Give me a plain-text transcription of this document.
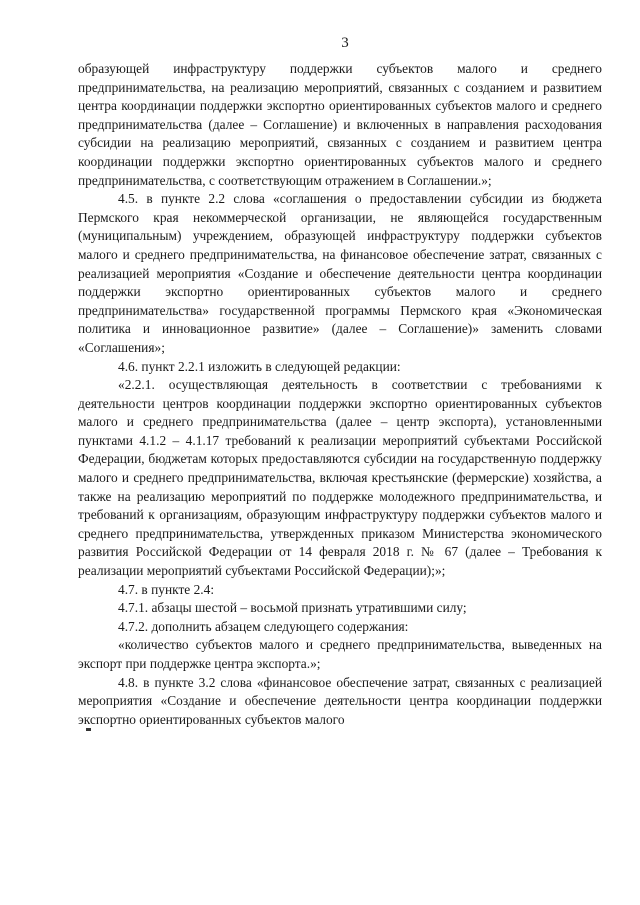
3

образующей инфраструктуру поддержки субъектов малого и среднего предпринимательства, на реализацию мероприятий, связанных с созданием и развитием центра координации поддержки экспортно ориентированных субъектов малого и среднего предпринимательства (далее – Соглашение) и включенных в направления расходования субсидии на реализацию мероприятий, связанных с созданием и развитием центра координации поддержки экспортно ориентированных субъектов малого и среднего предпринимательства, с соответствующим отражением в Соглашении.»;

4.5. в пункте 2.2 слова «соглашения о предоставлении субсидии из бюджета Пермского края некоммерческой организации, не являющейся государственным (муниципальным) учреждением, образующей инфраструктуру поддержки субъектов малого и среднего предпринимательства, на финансовое обеспечение затрат, связанных с реализацией мероприятия «Создание и обеспечение деятельности центра координации поддержки экспортно ориентированных субъектов малого и среднего предпринимательства» государственной программы Пермского края «Экономическая политика и инновационное развитие» (далее – Соглашение)» заменить словами «Соглашения»;

4.6. пункт 2.2.1 изложить в следующей редакции:

«2.2.1. осуществляющая деятельность в соответствии с требованиями к деятельности центров координации поддержки экспортно ориентированных субъектов малого и среднего предпринимательства (далее – центр экспорта), установленными пунктами 4.1.2 – 4.1.17 требований к реализации мероприятий субъектами Российской Федерации, бюджетам которых предоставляются субсидии на государственную поддержку малого и среднего предпринимательства, включая крестьянские (фермерские) хозяйства, а также на реализацию мероприятий по поддержке молодежного предпринимательства, и требований к организациям, образующим инфраструктуру поддержки субъектов малого и среднего предпринимательства, утвержденных приказом Министерства экономического развития Российской Федерации от 14 февраля 2018 г. № 67 (далее – Требования к реализации мероприятий субъектами Российской Федерации);»;

4.7. в пункте 2.4:

4.7.1. абзацы шестой – восьмой признать утратившими силу;

4.7.2. дополнить абзацем следующего содержания:

«количество субъектов малого и среднего предпринимательства, выведенных на экспорт при поддержке центра экспорта.»;

4.8. в пункте 3.2 слова «финансовое обеспечение затрат, связанных с реализацией мероприятия «Создание и обеспечение деятельности центра координации поддержки экспортно ориентированных субъектов малого
